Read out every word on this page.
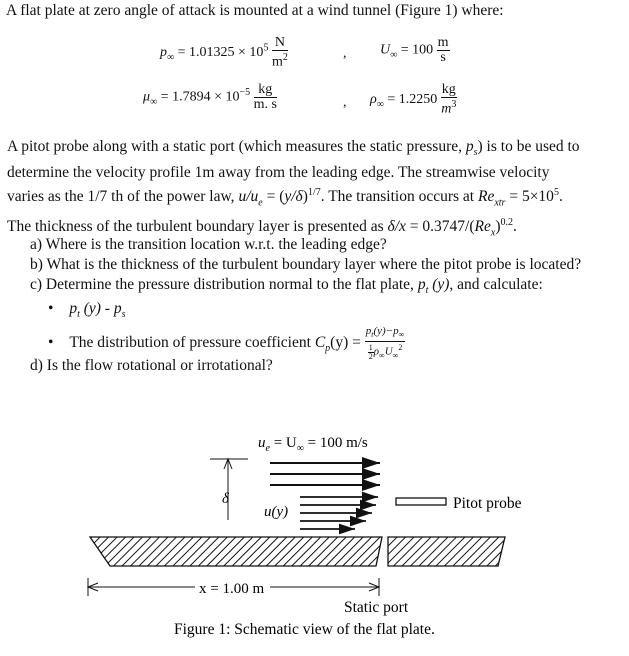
A flat plate at zero angle of attack is mounted at a wind tunnel (Figure 1) where:
$p_\infty = 1.01325 \times 10^5 \frac{N}{m^2}$	, $U_\infty = 100 \frac{m}{s}$
$\mu_\infty = 1.7894 \times 10^{-5} \frac{kg}{m. s}$	, $\rho_\infty = 1.2250 \frac{kg}{m^3}$
A pitot probe along with a static port (which measures the static pressure, $p_s$) is to be used to
determine the velocity profile 1m away from the leading edge. The streamwise velocity
varies as the 1/7 th of the power law, $u/u_e = (y/\delta)^{1/7}$. The transition occurs at $Re_{xtr} = 5\times 10^5$.
The thickness of the turbulent boundary layer is presented as $\delta/x = 0.3747/(Re_x)^{0.2}$.
a) Where is the transition location w.r.t. the leading edge?
b) What is the thickness of the turbulent boundary layer where the pitot probe is located?
c) Determine the pressure distribution normal to the flat plate, $p_t$ (y), and calculate:
• $p_t$ $(y) - p_s$
• The distribution of pressure coefficient $C_p(y) = \frac{p_t(y)-p_\infty}{\frac{1}{2} \rho_\infty U_\infty^2}$
d) Is the flow rotational or irrotational?
$u_e = U_\infty = 100$ m/s
δ
u(y)	Pitot probe
x = 1.00 m
Static port
Figure 1: Schematic view of the flat plate.
